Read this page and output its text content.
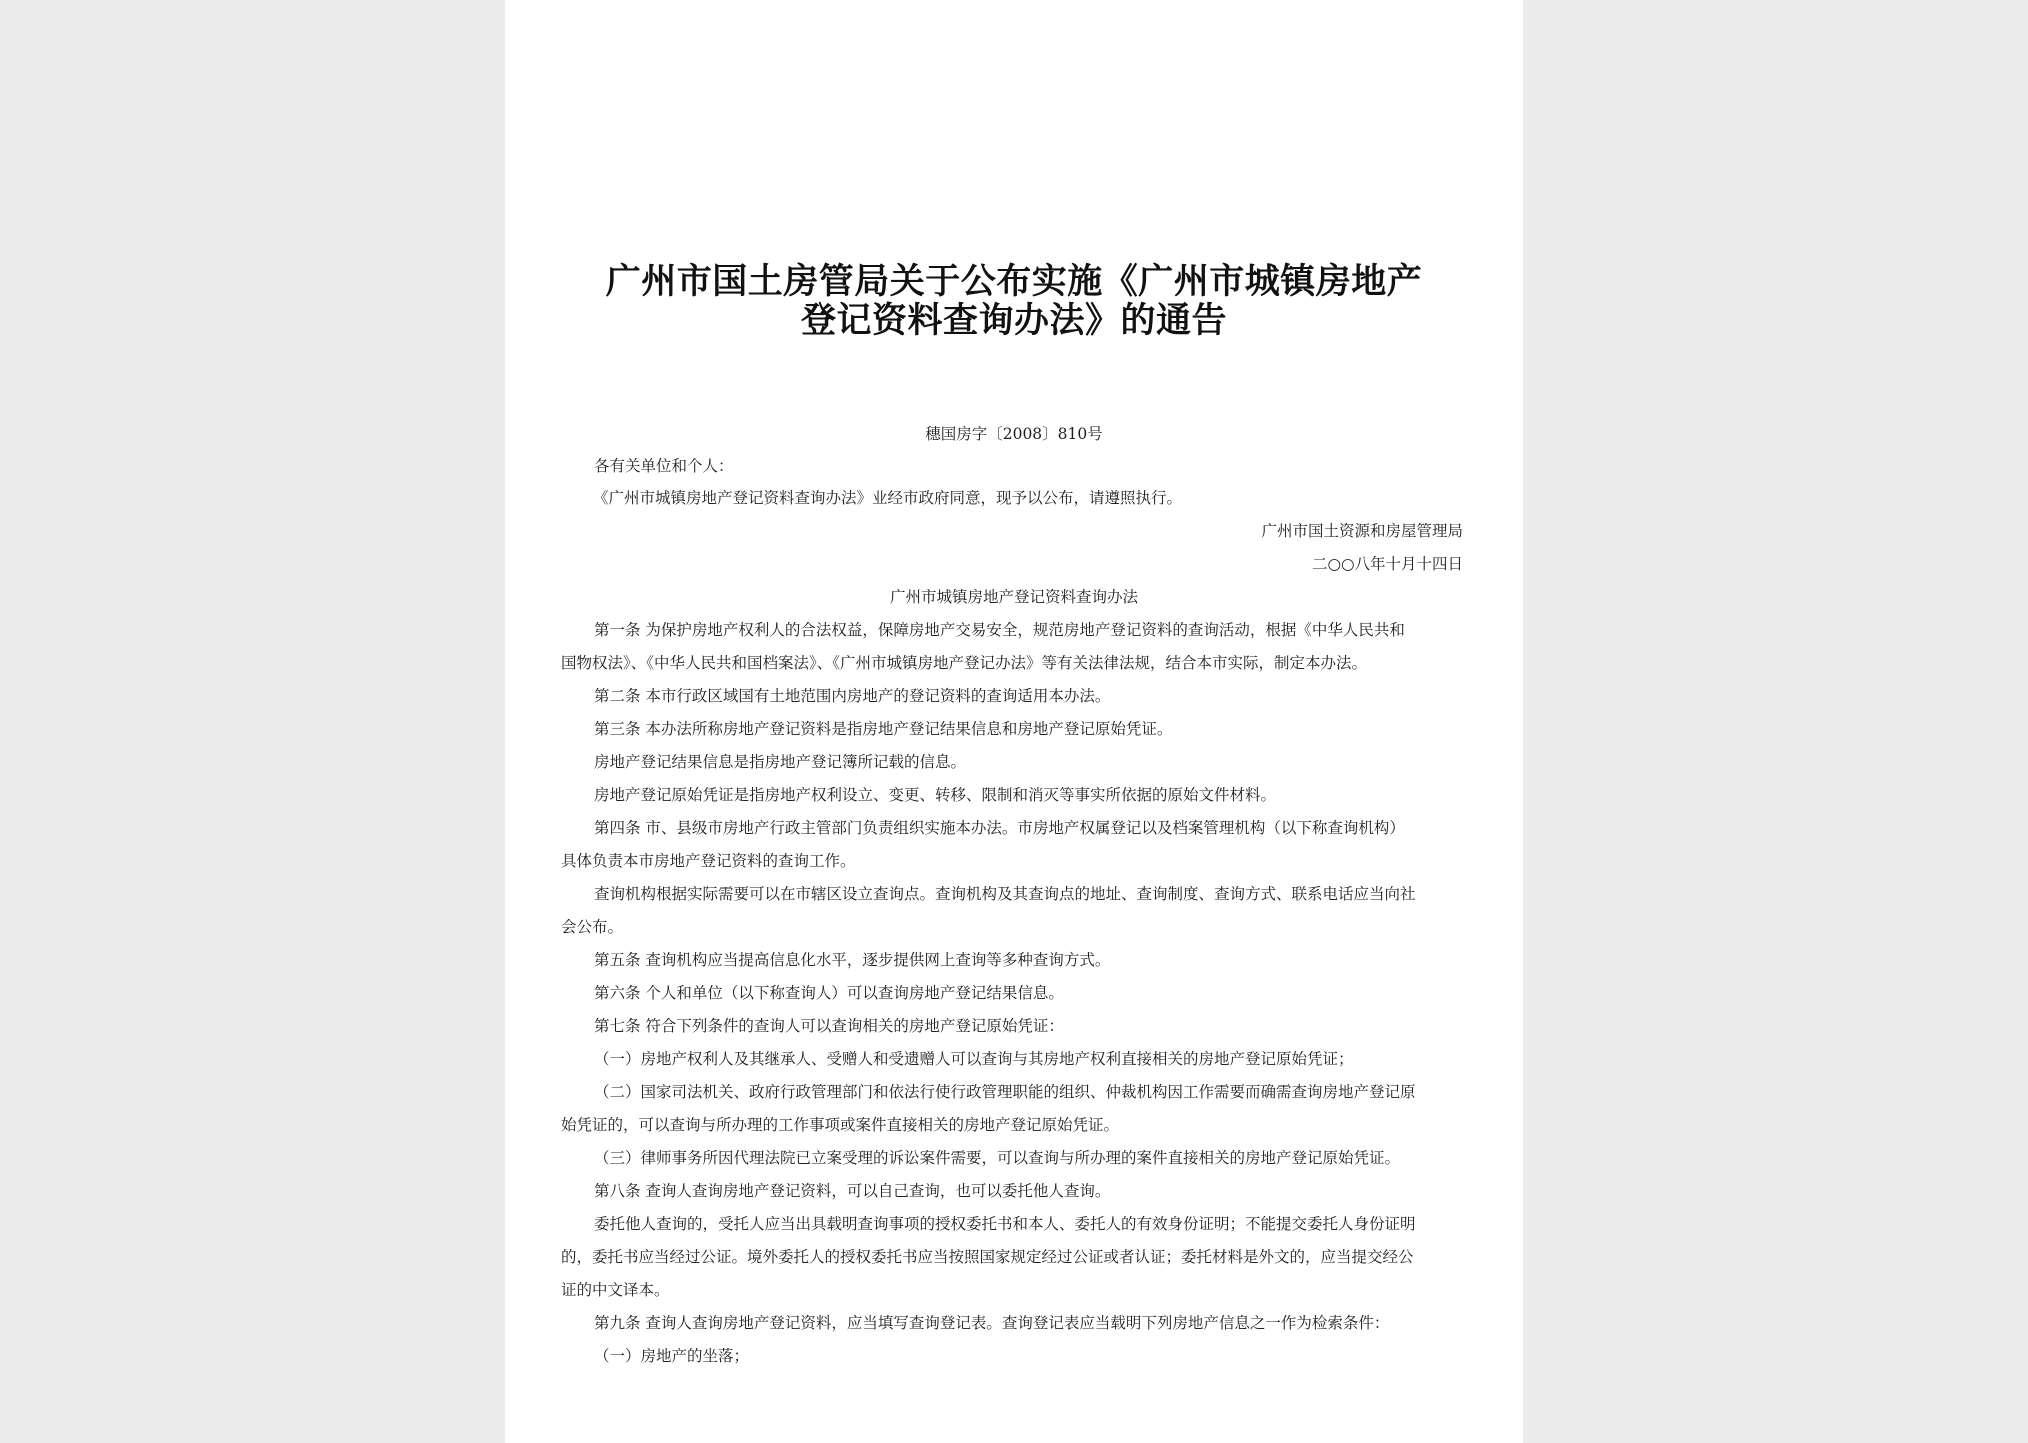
广州市国土房管局关于公布实施《广州市城镇房地产
登记资料查询办法》的通告
穗国房字〔2008〕810号
各有关单位和个人：
《广州市城镇房地产登记资料查询办法》业经市政府同意，现予以公布，请遵照执行。
广州市国土资源和房屋管理局
二○○八年十月十四日
广州市城镇房地产登记资料查询办法
第一条 为保护房地产权利人的合法权益，保障房地产交易安全，规范房地产登记资料的查询活动，根据《中华人民共和
国物权法》、《中华人民共和国档案法》、《广州市城镇房地产登记办法》等有关法律法规，结合本市实际，制定本办法。
第二条 本市行政区域国有土地范围内房地产的登记资料的查询适用本办法。
第三条 本办法所称房地产登记资料是指房地产登记结果信息和房地产登记原始凭证。
房地产登记结果信息是指房地产登记簿所记载的信息。
房地产登记原始凭证是指房地产权利设立、变更、转移、限制和消灭等事实所依据的原始文件材料。
第四条 市、县级市房地产行政主管部门负责组织实施本办法。市房地产权属登记以及档案管理机构（以下称查询机构）
具体负责本市房地产登记资料的查询工作。
查询机构根据实际需要可以在市辖区设立查询点。查询机构及其查询点的地址、查询制度、查询方式、联系电话应当向社
会公布。
第五条 查询机构应当提高信息化水平，逐步提供网上查询等多种查询方式。
第六条 个人和单位（以下称查询人）可以查询房地产登记结果信息。
第七条 符合下列条件的查询人可以查询相关的房地产登记原始凭证：
（一）房地产权利人及其继承人、受赠人和受遗赠人可以查询与其房地产权利直接相关的房地产登记原始凭证；
（二）国家司法机关、政府行政管理部门和依法行使行政管理职能的组织、仲裁机构因工作需要而确需查询房地产登记原
始凭证的，可以查询与所办理的工作事项或案件直接相关的房地产登记原始凭证。
（三）律师事务所因代理法院已立案受理的诉讼案件需要，可以查询与所办理的案件直接相关的房地产登记原始凭证。
第八条 查询人查询房地产登记资料，可以自己查询，也可以委托他人查询。
委托他人查询的，受托人应当出具载明查询事项的授权委托书和本人、委托人的有效身份证明；不能提交委托人身份证明
的，委托书应当经过公证。境外委托人的授权委托书应当按照国家规定经过公证或者认证；委托材料是外文的，应当提交经公
证的中文译本。
第九条 查询人查询房地产登记资料，应当填写查询登记表。查询登记表应当载明下列房地产信息之一作为检索条件：
（一）房地产的坐落；
